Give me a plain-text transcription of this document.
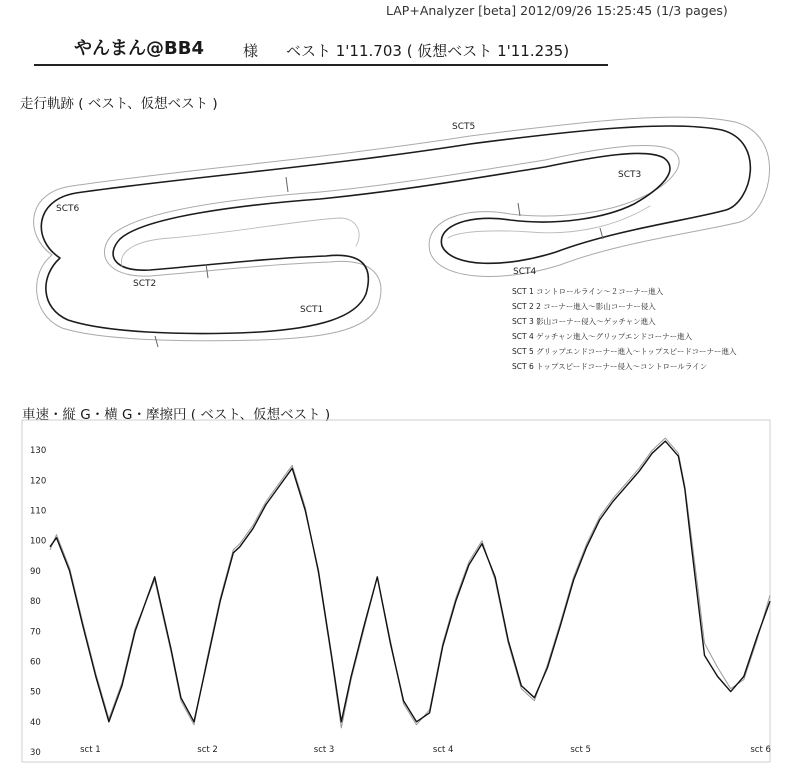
LAP+Analyzer [beta] 2012/09/26 15:25:45 (1/3 pages)
やんまん@BB4	様 ベスト 1'11.703 ( 仮想ベスト 1'11.235)
走行軌跡 ( ベスト、仮想ベスト )
SCT1
SCT2
SCT3
SCT4
SCT5
SCT6
SCT 1 コントロールライン～２コーナー進入
SCT 2 2 コーナー進入～影山コーナー侵入
SCT 3 影山コーナー侵入～ゲッチャン進入
SCT 4 ゲッチャン進入～グリップエンドコーナー進入
SCT 5 グリップエンドコーナー進入～トップスピードコーナー進入
SCT 6 トップスピードコーナー侵入～コントロールライン
車速・縦 G・横 G・摩擦円 ( ベスト、仮想ベスト )
30
40
50
60
70
80
90
100
110
120
130
sct 1	sct 2	sct 3	sct 4	sct 5	sct 6
